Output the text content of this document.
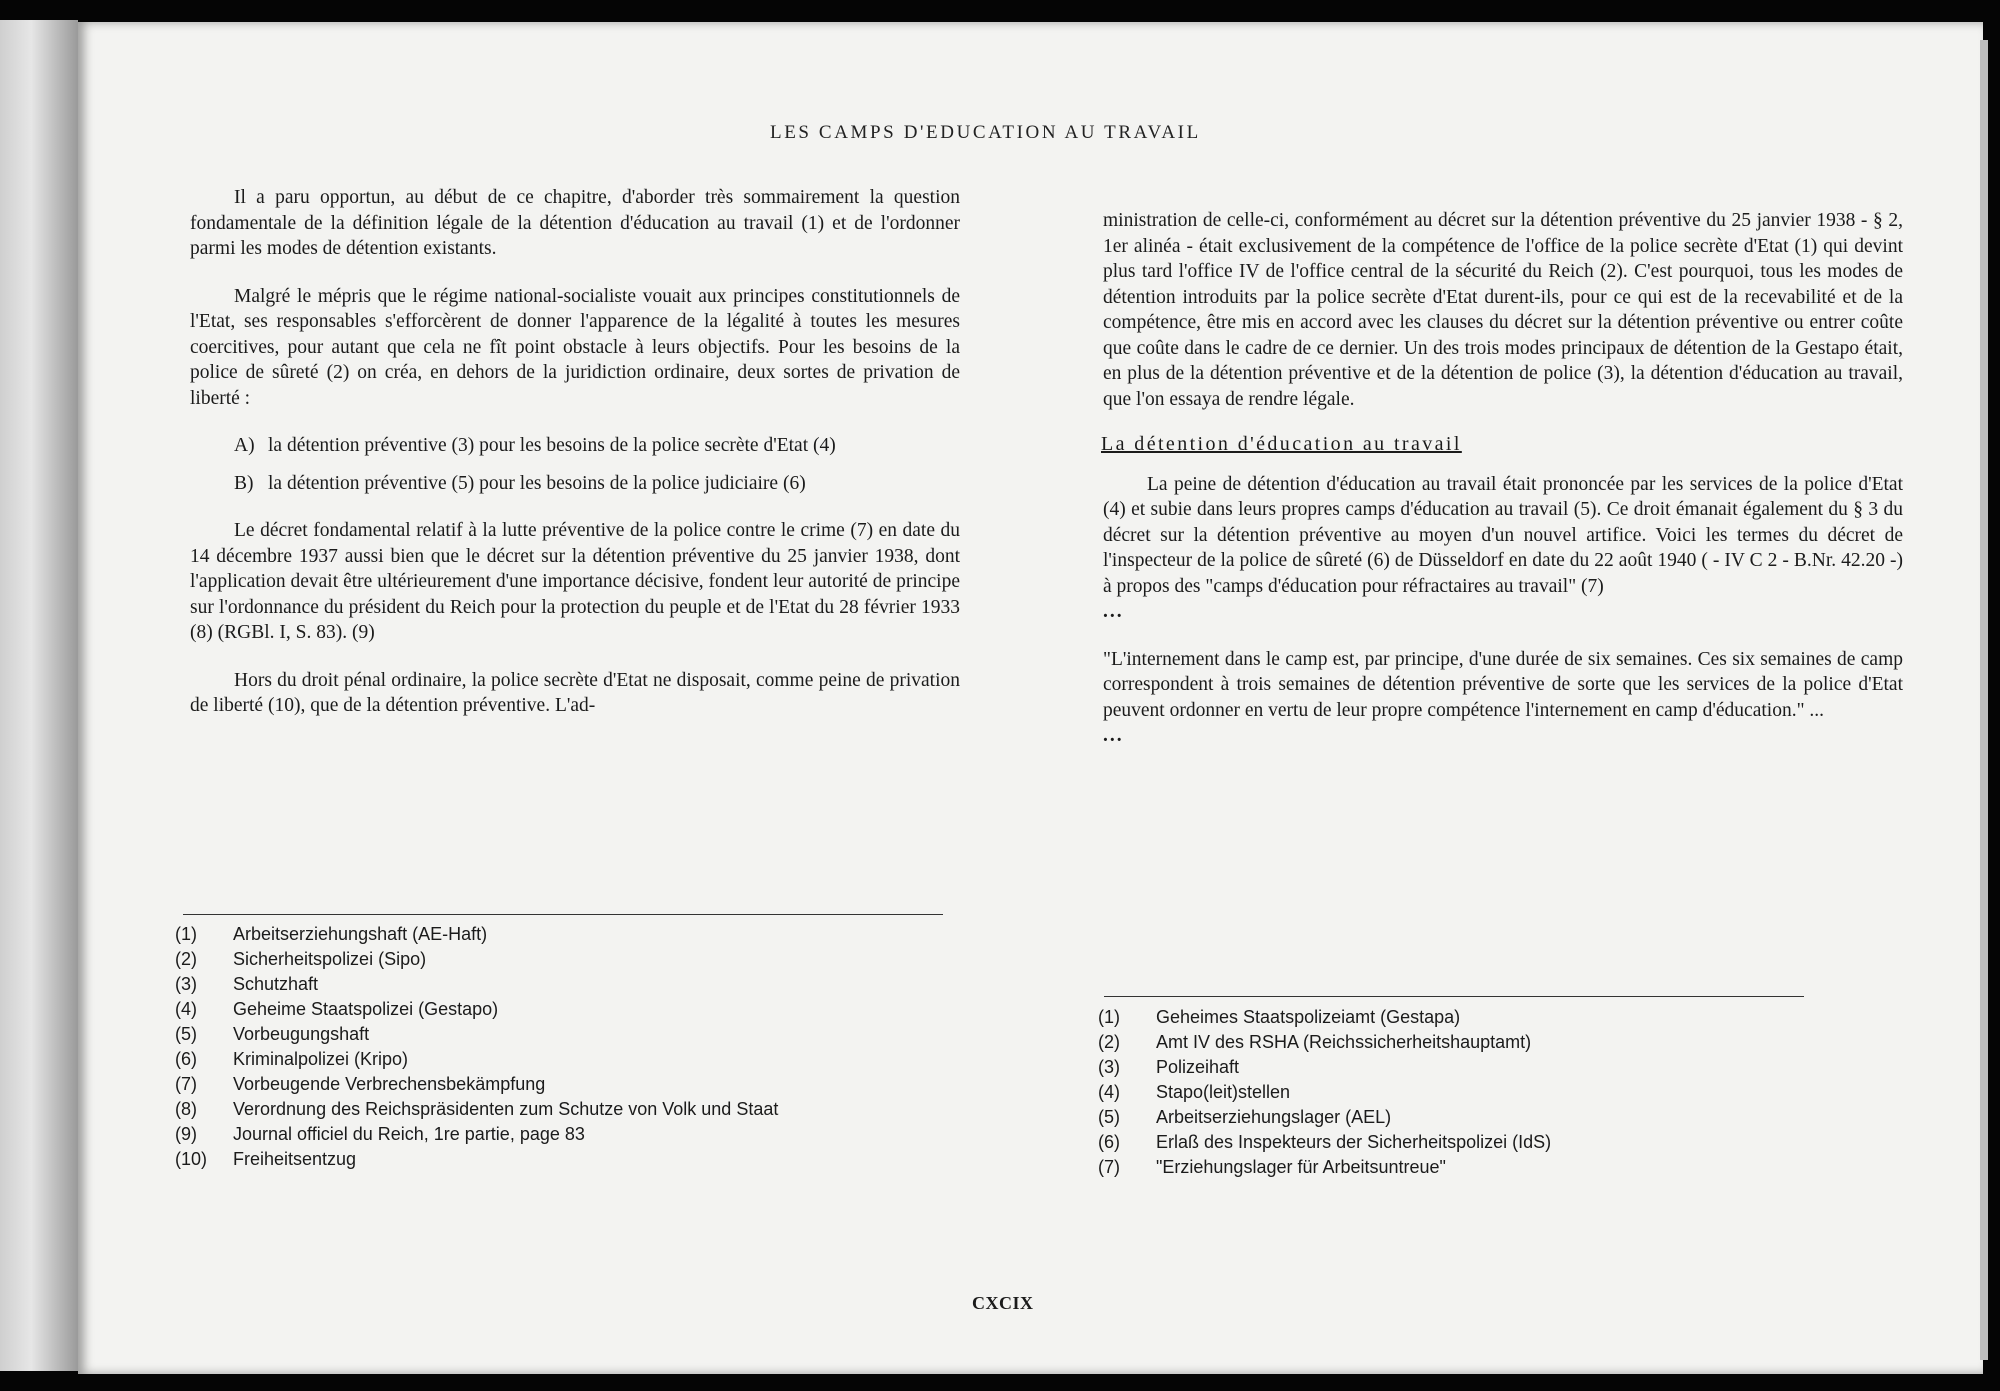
LES CAMPS D'EDUCATION AU TRAVAIL

Il a paru opportun, au début de ce chapitre, d'aborder très sommairement la question fondamentale de la définition légale de la détention d'éducation au travail (1) et de l'ordonner parmi les modes de détention existants.

Malgré le mépris que le régime national-socialiste vouait aux principes constitutionnels de l'Etat, ses responsables s'efforcèrent de donner l'apparence de la légalité à toutes les mesures coercitives, pour autant que cela ne fît point obstacle à leurs objectifs. Pour les besoins de la police de sûreté (2) on créa, en dehors de la juridiction ordinaire, deux sortes de privation de liberté :

A) la détention préventive (3) pour les besoins de la police secrète d'Etat (4)
B) la détention préventive (5) pour les besoins de la police judiciaire (6)

Le décret fondamental relatif à la lutte préventive de la police contre le crime (7) en date du 14 décembre 1937 aussi bien que le décret sur la détention préventive du 25 janvier 1938, dont l'application devait être ultérieurement d'une importance décisive, fondent leur autorité de principe sur l'ordonnance du président du Reich pour la protection du peuple et de l'Etat du 28 février 1933 (8) (RGBl. I, S. 83). (9)

Hors du droit pénal ordinaire, la police secrète d'Etat ne disposait, comme peine de privation de liberté (10), que de la détention préventive. L'ad-

(1)	Arbeitserziehungshaft (AE-Haft)
(2)	Sicherheitspolizei (Sipo)
(3)	Schutzhaft
(4)	Geheime Staatspolizei (Gestapo)
(5)	Vorbeugungshaft
(6)	Kriminalpolizei (Kripo)
(7)	Vorbeugende Verbrechensbekämpfung
(8)	Verordnung des Reichspräsidenten zum Schutze von Volk und Staat
(9)	Journal officiel du Reich, 1re partie, page 83
(10)	Freiheitsentzug

ministration de celle-ci, conformément au décret sur la détention préventive du 25 janvier 1938 - § 2, 1er alinéa - était exclusivement de la compétence de l'office de la police secrète d'Etat (1) qui devint plus tard l'office IV de l'office central de la sécurité du Reich (2). C'est pourquoi, tous les modes de détention introduits par la police secrète d'Etat durent-ils, pour ce qui est de la recevabilité et de la compétence, être mis en accord avec les clauses du décret sur la détention préventive ou entrer coûte que coûte dans le cadre de ce dernier. Un des trois modes principaux de détention de la Gestapo était, en plus de la détention préventive et de la détention de police (3), la détention d'éducation au travail, que l'on essaya de rendre légale.

La détention d'éducation au travail

La peine de détention d'éducation au travail était prononcée par les services de la police d'Etat (4) et subie dans leurs propres camps d'éducation au travail (5). Ce droit émanait également du § 3 du décret sur la détention préventive au moyen d'un nouvel artifice. Voici les termes du décret de l'inspecteur de la police de sûreté (6) de Düsseldorf en date du 22 août 1940 ( - IV C 2 - B.Nr. 42.20 -) à propos des "camps d'éducation pour réfractaires au travail" (7)

...

"L'internement dans le camp est, par principe, d'une durée de six semaines. Ces six semaines de camp correspondent à trois semaines de détention préventive de sorte que les services de la police d'Etat peuvent ordonner en vertu de leur propre compétence l'internement en camp d'éducation." ...

...
(1)	Geheimes Staatspolizeiamt (Gestapa)
(2)	Amt IV des RSHA (Reichssicherheitshauptamt)
(3)	Polizeihaft
(4)	Stapo(leit)stellen
(5)	Arbeitserziehungslager (AEL)
(6)	Erlaß des Inspekteurs der Sicherheitspolizei (IdS)
(7)	"Erziehungslager für Arbeitsuntreue"
CXCIX
